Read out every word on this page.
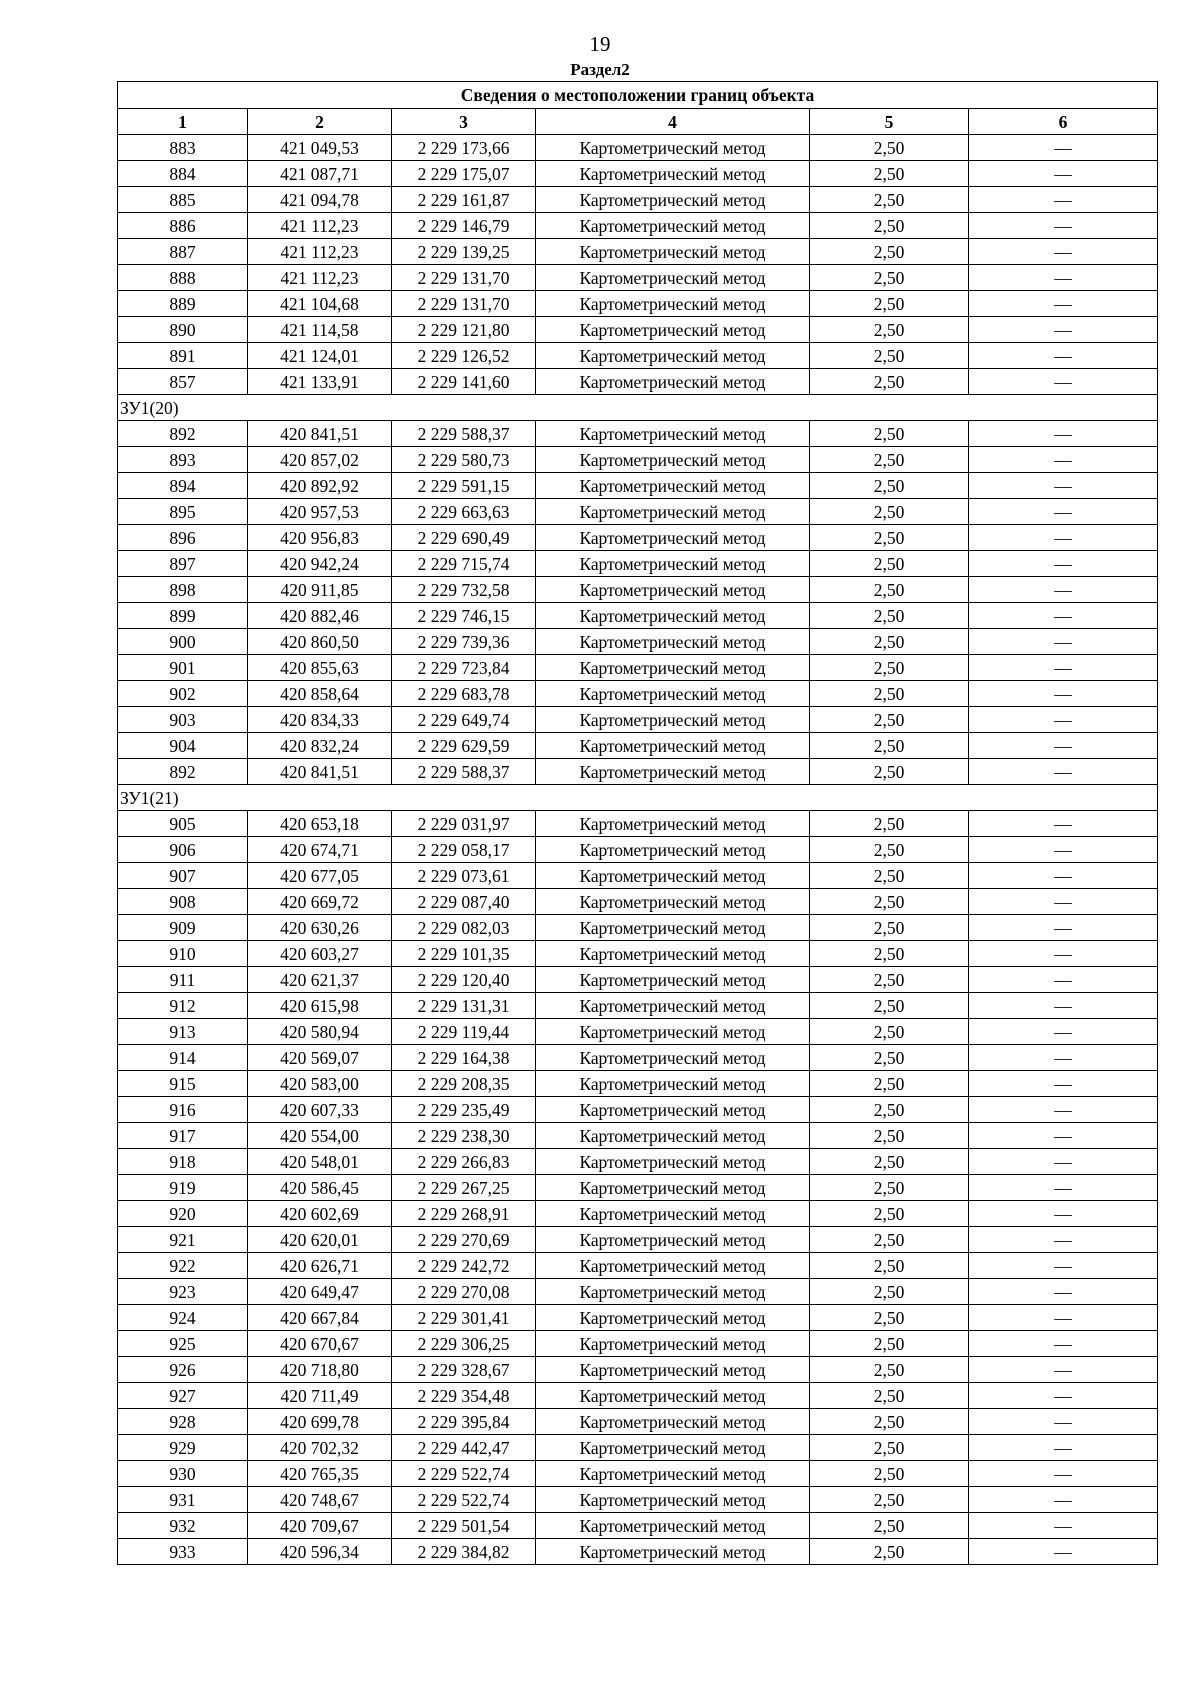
19
Раздел2
Сведения о местоположении границ объекта					
1	2	3	4	5	6
883	421 049,53	2 229 173,66	Картометрический метод	2,50	—
884	421 087,71	2 229 175,07	Картометрический метод	2,50	—
885	421 094,78	2 229 161,87	Картометрический метод	2,50	—
886	421 112,23	2 229 146,79	Картометрический метод	2,50	—
887	421 112,23	2 229 139,25	Картометрический метод	2,50	—
888	421 112,23	2 229 131,70	Картометрический метод	2,50	—
889	421 104,68	2 229 131,70	Картометрический метод	2,50	—
890	421 114,58	2 229 121,80	Картометрический метод	2,50	—
891	421 124,01	2 229 126,52	Картометрический метод	2,50	—
857	421 133,91	2 229 141,60	Картометрический метод	2,50	—
ЗУ1(20)					
892	420 841,51	2 229 588,37	Картометрический метод	2,50	—
893	420 857,02	2 229 580,73	Картометрический метод	2,50	—
894	420 892,92	2 229 591,15	Картометрический метод	2,50	—
895	420 957,53	2 229 663,63	Картометрический метод	2,50	—
896	420 956,83	2 229 690,49	Картометрический метод	2,50	—
897	420 942,24	2 229 715,74	Картометрический метод	2,50	—
898	420 911,85	2 229 732,58	Картометрический метод	2,50	—
899	420 882,46	2 229 746,15	Картометрический метод	2,50	—
900	420 860,50	2 229 739,36	Картометрический метод	2,50	—
901	420 855,63	2 229 723,84	Картометрический метод	2,50	—
902	420 858,64	2 229 683,78	Картометрический метод	2,50	—
903	420 834,33	2 229 649,74	Картометрический метод	2,50	—
904	420 832,24	2 229 629,59	Картометрический метод	2,50	—
892	420 841,51	2 229 588,37	Картометрический метод	2,50	—
ЗУ1(21)					
905	420 653,18	2 229 031,97	Картометрический метод	2,50	—
906	420 674,71	2 229 058,17	Картометрический метод	2,50	—
907	420 677,05	2 229 073,61	Картометрический метод	2,50	—
908	420 669,72	2 229 087,40	Картометрический метод	2,50	—
909	420 630,26	2 229 082,03	Картометрический метод	2,50	—
910	420 603,27	2 229 101,35	Картометрический метод	2,50	—
911	420 621,37	2 229 120,40	Картометрический метод	2,50	—
912	420 615,98	2 229 131,31	Картометрический метод	2,50	—
913	420 580,94	2 229 119,44	Картометрический метод	2,50	—
914	420 569,07	2 229 164,38	Картометрический метод	2,50	—
915	420 583,00	2 229 208,35	Картометрический метод	2,50	—
916	420 607,33	2 229 235,49	Картометрический метод	2,50	—
917	420 554,00	2 229 238,30	Картометрический метод	2,50	—
918	420 548,01	2 229 266,83	Картометрический метод	2,50	—
919	420 586,45	2 229 267,25	Картометрический метод	2,50	—
920	420 602,69	2 229 268,91	Картометрический метод	2,50	—
921	420 620,01	2 229 270,69	Картометрический метод	2,50	—
922	420 626,71	2 229 242,72	Картометрический метод	2,50	—
923	420 649,47	2 229 270,08	Картометрический метод	2,50	—
924	420 667,84	2 229 301,41	Картометрический метод	2,50	—
925	420 670,67	2 229 306,25	Картометрический метод	2,50	—
926	420 718,80	2 229 328,67	Картометрический метод	2,50	—
927	420 711,49	2 229 354,48	Картометрический метод	2,50	—
928	420 699,78	2 229 395,84	Картометрический метод	2,50	—
929	420 702,32	2 229 442,47	Картометрический метод	2,50	—
930	420 765,35	2 229 522,74	Картометрический метод	2,50	—
931	420 748,67	2 229 522,74	Картометрический метод	2,50	—
932	420 709,67	2 229 501,54	Картометрический метод	2,50	—
933	420 596,34	2 229 384,82	Картометрический метод	2,50	—
